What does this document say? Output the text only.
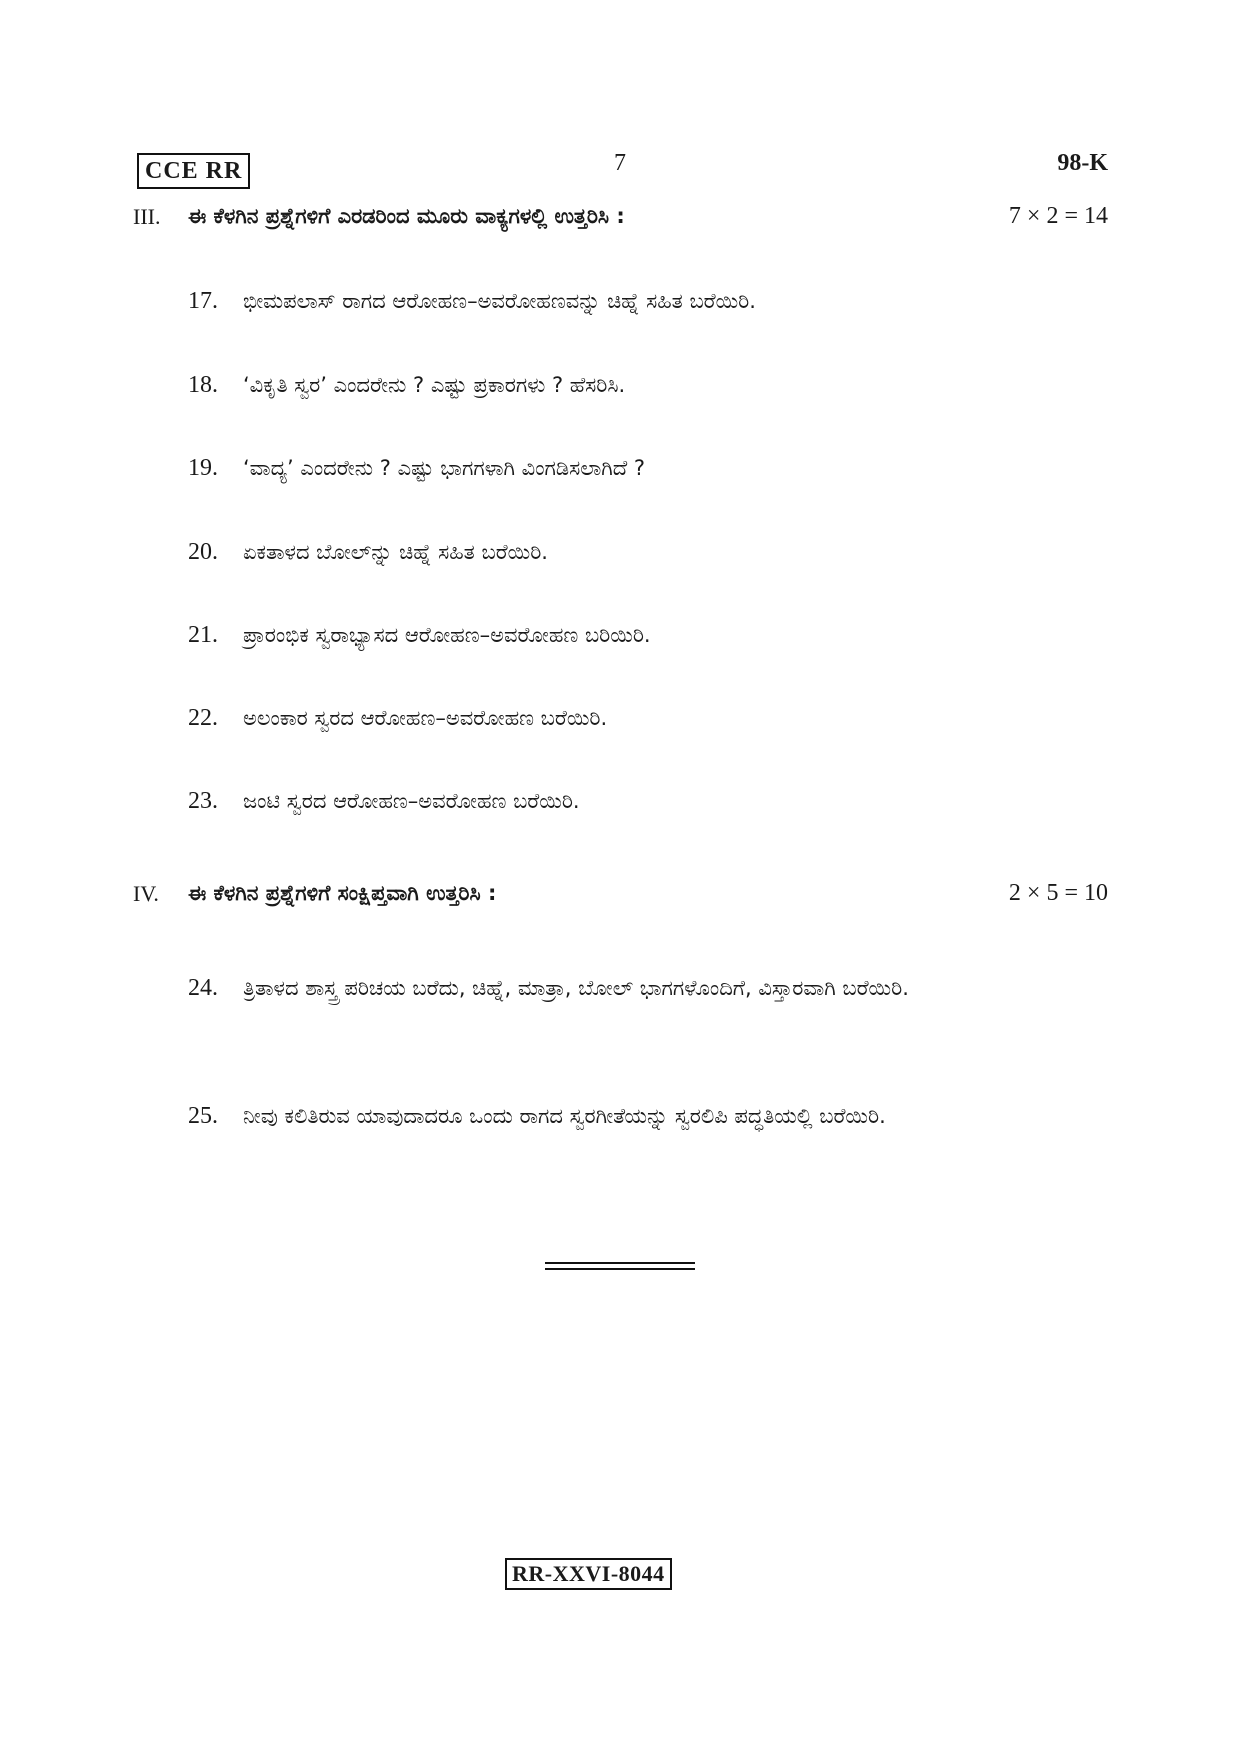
CCE RR	7	98-K
III. ಈ ಕೆಳಗಿನ ಪ್ರಶ್ನೆಗಳಿಗೆ ಎರಡರಿಂದ ಮೂರು ವಾಕ್ಯಗಳಲ್ಲಿ ಉತ್ತರಿಸಿ :	7 × 2 = 14
17. ಭೀಮಪಲಾಸ್ ರಾಗದ ಆರೋಹಣ–ಅವರೋಹಣವನ್ನು ಚಿಹ್ನೆ ಸಹಿತ ಬರೆಯಿರಿ.
18. ‘ವಿಕೃತಿ ಸ್ವರ’ ಎಂದರೇನು ? ಎಷ್ಟು ಪ್ರಕಾರಗಳು ? ಹೆಸರಿಸಿ.
19. ‘ವಾದ್ಯ’ ಎಂದರೇನು ? ಎಷ್ಟು ಭಾಗಗಳಾಗಿ ವಿಂಗಡಿಸಲಾಗಿದೆ ?
20. ಏಕತಾಳದ ಬೋಲ್‌ನ್ನು ಚಿಹ್ನೆ ಸಹಿತ ಬರೆಯಿರಿ.
21. ಪ್ರಾರಂಭಿಕ ಸ್ವರಾಭ್ಯಾಸದ ಆರೋಹಣ–ಅವರೋಹಣ ಬರಿಯಿರಿ.
22. ಅಲಂಕಾರ ಸ್ವರದ ಆರೋಹಣ–ಅವರೋಹಣ ಬರೆಯಿರಿ.
23. ಜಂಟಿ ಸ್ವರದ ಆರೋಹಣ–ಅವರೋಹಣ ಬರೆಯಿರಿ.
IV. ಈ ಕೆಳಗಿನ ಪ್ರಶ್ನೆಗಳಿಗೆ ಸಂಕ್ಷಿಪ್ತವಾಗಿ ಉತ್ತರಿಸಿ :	2 × 5 = 10
24. ತ್ರಿತಾಳದ ಶಾಸ್ತ್ರ ಪರಿಚಯ ಬರೆದು, ಚಿಹ್ನೆ, ಮಾತ್ರಾ, ಬೋಲ್ ಭಾಗಗಳೊಂದಿಗೆ, ವಿಸ್ತಾರವಾಗಿ ಬರೆಯಿರಿ.
25. ನೀವು ಕಲಿತಿರುವ ಯಾವುದಾದರೂ ಒಂದು ರಾಗದ ಸ್ವರಗೀತೆಯನ್ನು ಸ್ವರಲಿಪಿ ಪದ್ಧತಿಯಲ್ಲಿ ಬರೆಯಿರಿ.
RR-XXVI-8044
